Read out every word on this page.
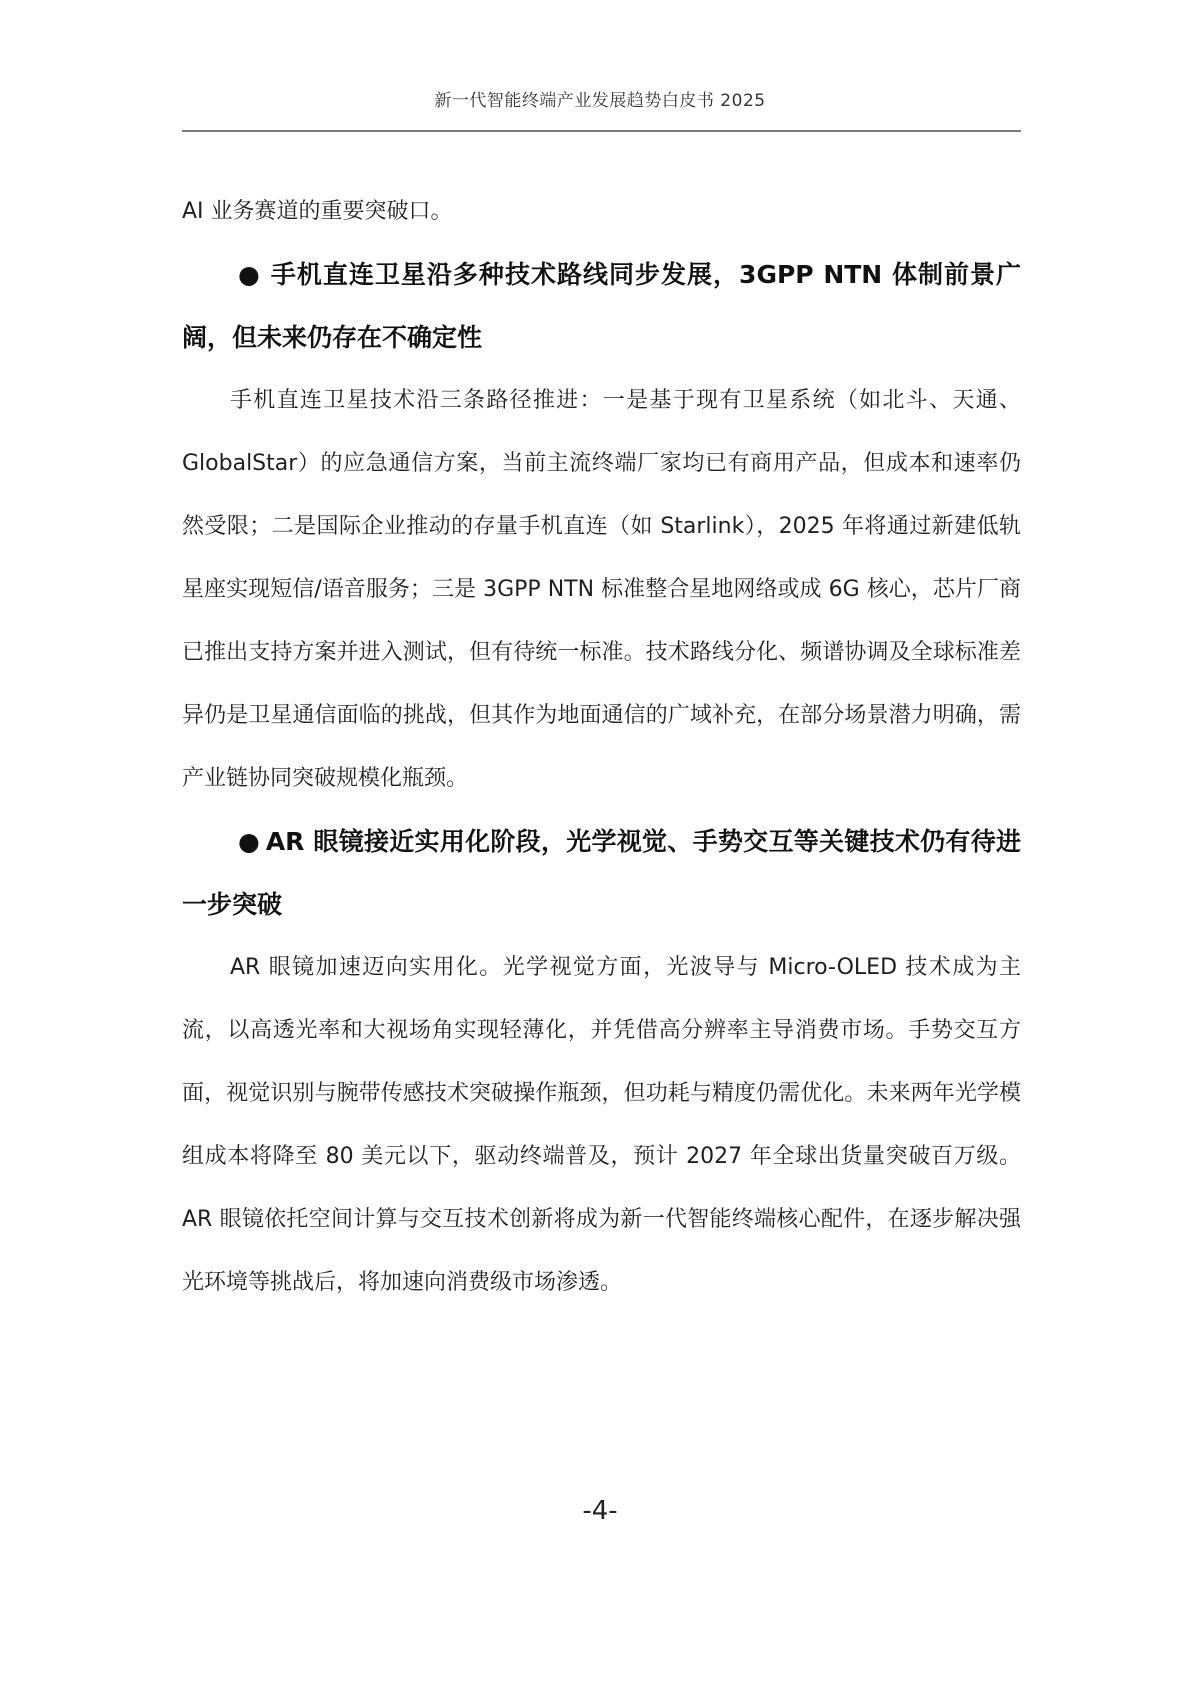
新一代智能终端产业发展趋势白皮书 2025

AI 业务赛道的重要突破口。

● 手机直连卫星沿多种技术路线同步发展，3GPP NTN 体制前景广阔，但未来仍存在不确定性

手机直连卫星技术沿三条路径推进：一是基于现有卫星系统（如北斗、天通、GlobalStar）的应急通信方案，当前主流终端厂家均已有商用产品，但成本和速率仍然受限；二是国际企业推动的存量手机直连（如 Starlink），2025 年将通过新建低轨星座实现短信/语音服务；三是 3GPP NTN 标准整合星地网络或成 6G 核心，芯片厂商已推出支持方案并进入测试，但有待统一标准。技术路线分化、频谱协调及全球标准差异仍是卫星通信面临的挑战，但其作为地面通信的广域补充，在部分场景潜力明确，需产业链协同突破规模化瓶颈。

● AR 眼镜接近实用化阶段，光学视觉、手势交互等关键技术仍有待进一步突破

AR 眼镜加速迈向实用化。光学视觉方面，光波导与 Micro-OLED 技术成为主流，以高透光率和大视场角实现轻薄化，并凭借高分辨率主导消费市场。手势交互方面，视觉识别与腕带传感技术突破操作瓶颈，但功耗与精度仍需优化。未来两年光学模组成本将降至 80 美元以下，驱动终端普及，预计 2027 年全球出货量突破百万级。AR 眼镜依托空间计算与交互技术创新将成为新一代智能终端核心配件，在逐步解决强光环境等挑战后，将加速向消费级市场渗透。

-4-
